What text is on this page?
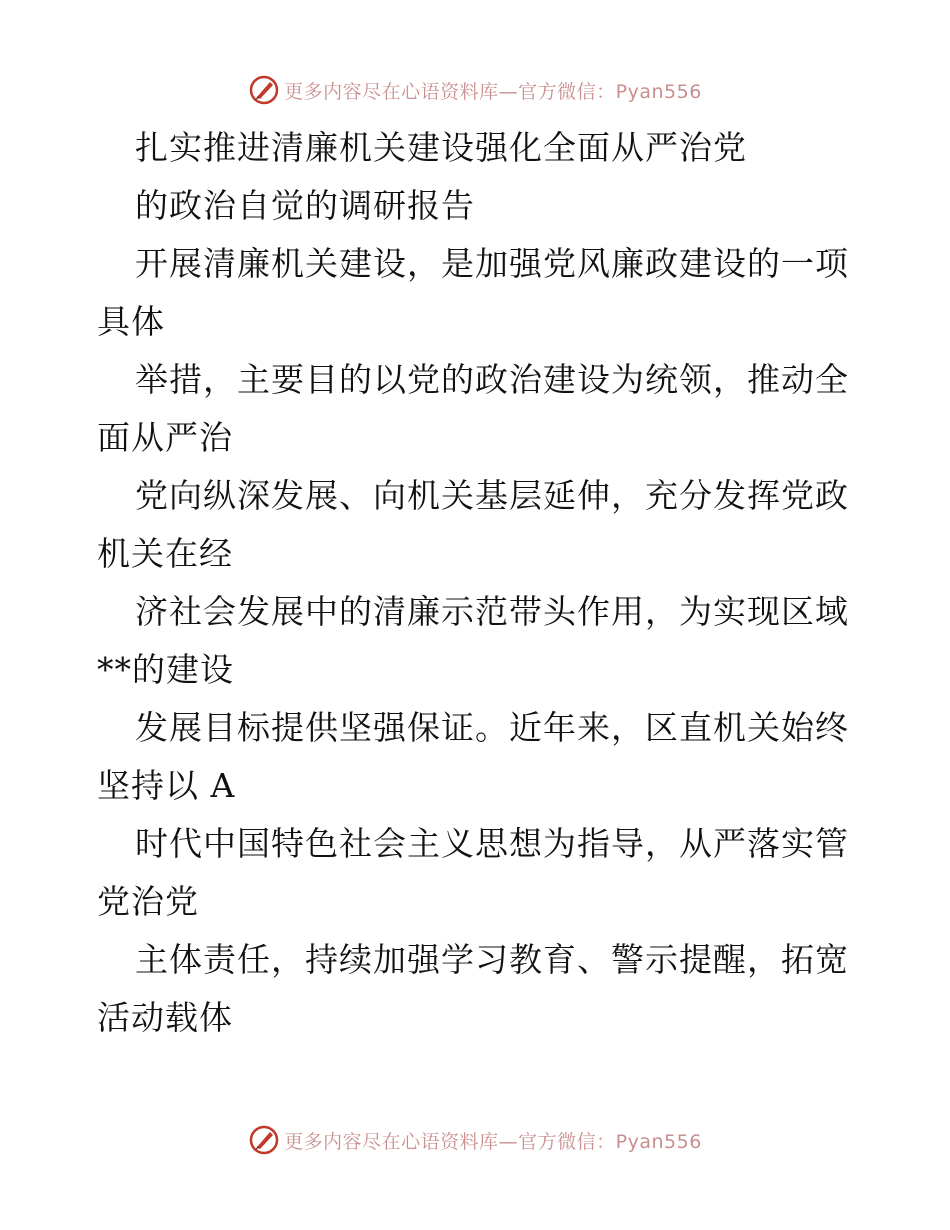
更多内容尽在心语资料库—官方微信：Pyan556
扎实推进清廉机关建设强化全面从严治党
的政治自觉的调研报告
开展清廉机关建设，是加强党风廉政建设的一项
具体
举措，主要目的以党的政治建设为统领，推动全
面从严治
党向纵深发展、向机关基层延伸，充分发挥党政
机关在经
济社会发展中的清廉示范带头作用，为实现区域
**的建设
发展目标提供坚强保证。近年来，区直机关始终
坚持以 A
时代中国特色社会主义思想为指导，从严落实管
党治党
主体责任，持续加强学习教育、警示提醒，拓宽
活动载体
更多内容尽在心语资料库—官方微信：Pyan556
